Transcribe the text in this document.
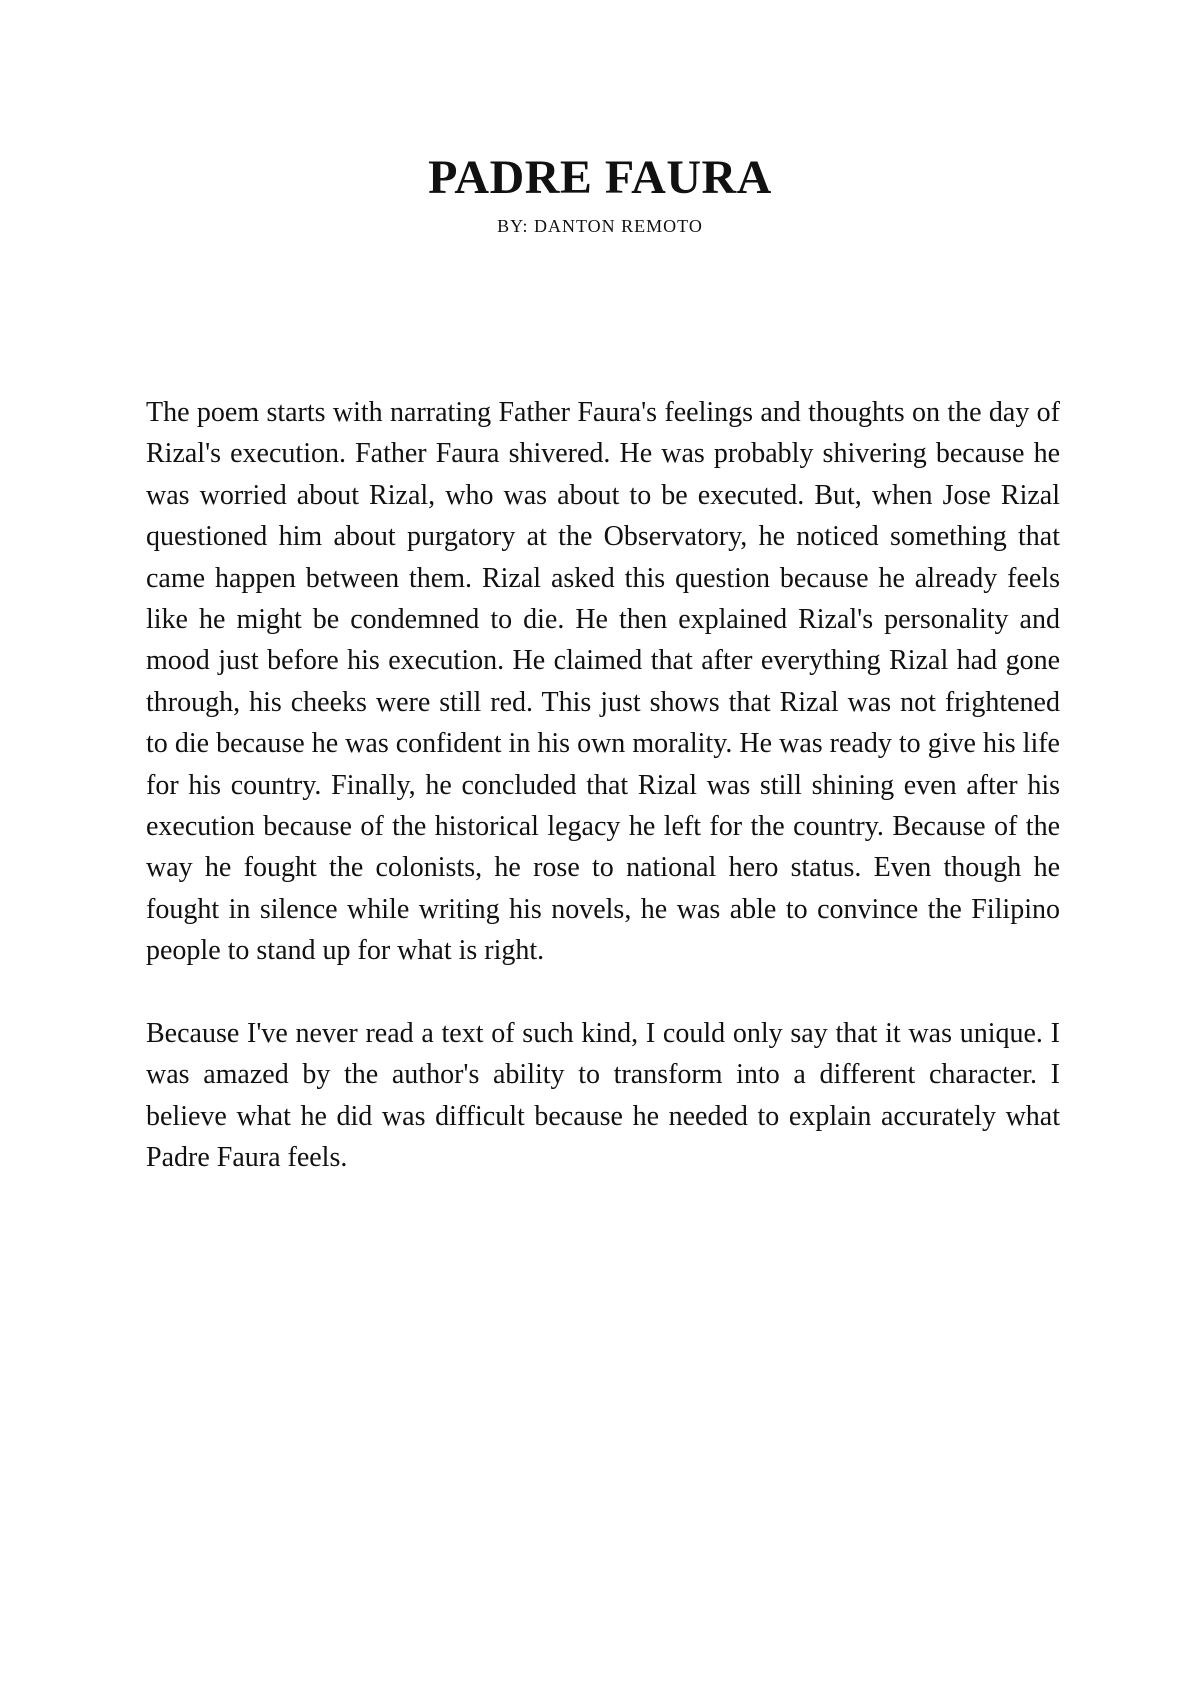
PADRE FAURA

BY: DANTON REMOTO

The poem starts with narrating Father Faura's feelings and thoughts on the day of Rizal's execution. Father Faura shivered. He was probably shivering because he was worried about Rizal, who was about to be executed. But, when Jose Rizal questioned him about purgatory at the Observatory, he noticed something that came happen between them. Rizal asked this question because he already feels like he might be condemned to die. He then explained Rizal's personality and mood just before his execution. He claimed that after everything Rizal had gone through, his cheeks were still red. This just shows that Rizal was not frightened to die because he was confident in his own morality. He was ready to give his life for his country. Finally, he concluded that Rizal was still shining even after his execution because of the historical legacy he left for the country. Because of the way he fought the colonists, he rose to national hero status. Even though he fought in silence while writing his novels, he was able to convince the Filipino people to stand up for what is right.

Because I've never read a text of such kind, I could only say that it was unique. I was amazed by the author's ability to transform into a different character. I believe what he did was difficult because he needed to explain accurately what Padre Faura feels.
